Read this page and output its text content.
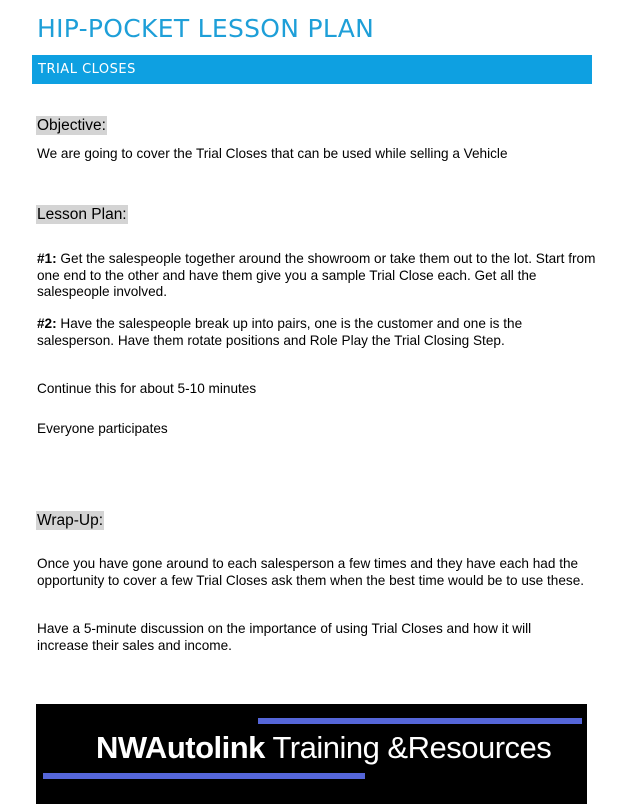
HIP-POCKET LESSON PLAN
TRIAL CLOSES
Objective:
We are going to cover the Trial Closes that can be used while selling a Vehicle
Lesson Plan:
#1: Get the salespeople together around the showroom or take them out to the lot. Start from one end to the other and have them give you a sample Trial Close each. Get all the salespeople involved.
#2: Have the salespeople break up into pairs, one is the customer and one is the salesperson. Have them rotate positions and Role Play the Trial Closing Step.
Continue this for about 5-10 minutes
Everyone participates
Wrap-Up:
Once you have gone around to each salesperson a few times and they have each had the opportunity to cover a few Trial Closes ask them when the best time would be to use these.
Have a 5-minute discussion on the importance of using Trial Closes and how it will increase their sales and income.
NWAutolink Training &Resources
